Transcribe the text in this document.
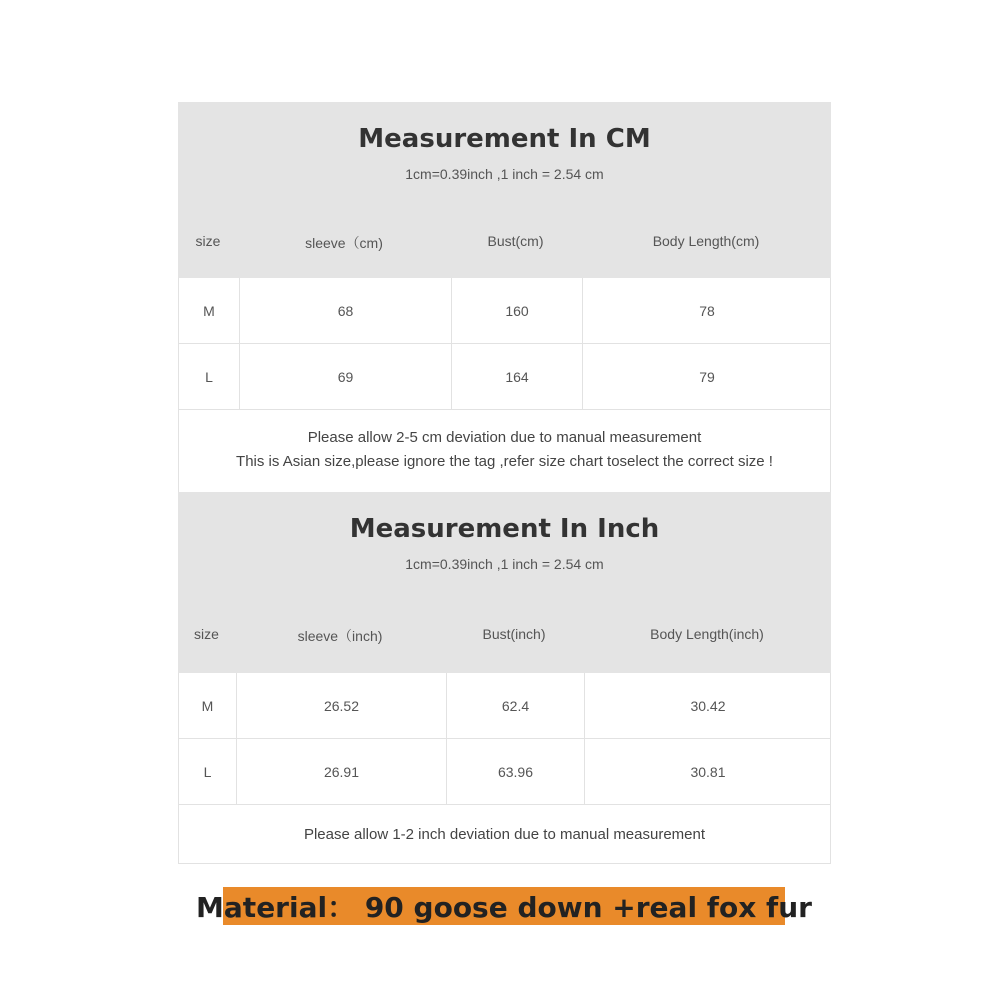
Measurement In CM
1cm=0.39inch ,1 inch = 2.54 cm
size	sleeve（cm)	Bust(cm)	Body Length(cm)
M	68	160	78
L	69	164	79
Please allow 2-5 cm deviation due to manual measurement
This is Asian size,please ignore the tag ,refer size chart toselect the correct size !
Measurement In Inch
1cm=0.39inch ,1 inch = 2.54 cm
size	sleeve（inch)	Bust(inch)	Body Length(inch)
M	26.52	62.4	30.42
L	26.91	63.96	30.81
Please allow 1-2 inch deviation due to manual measurement
Material： 90 goose down +real fox fur
